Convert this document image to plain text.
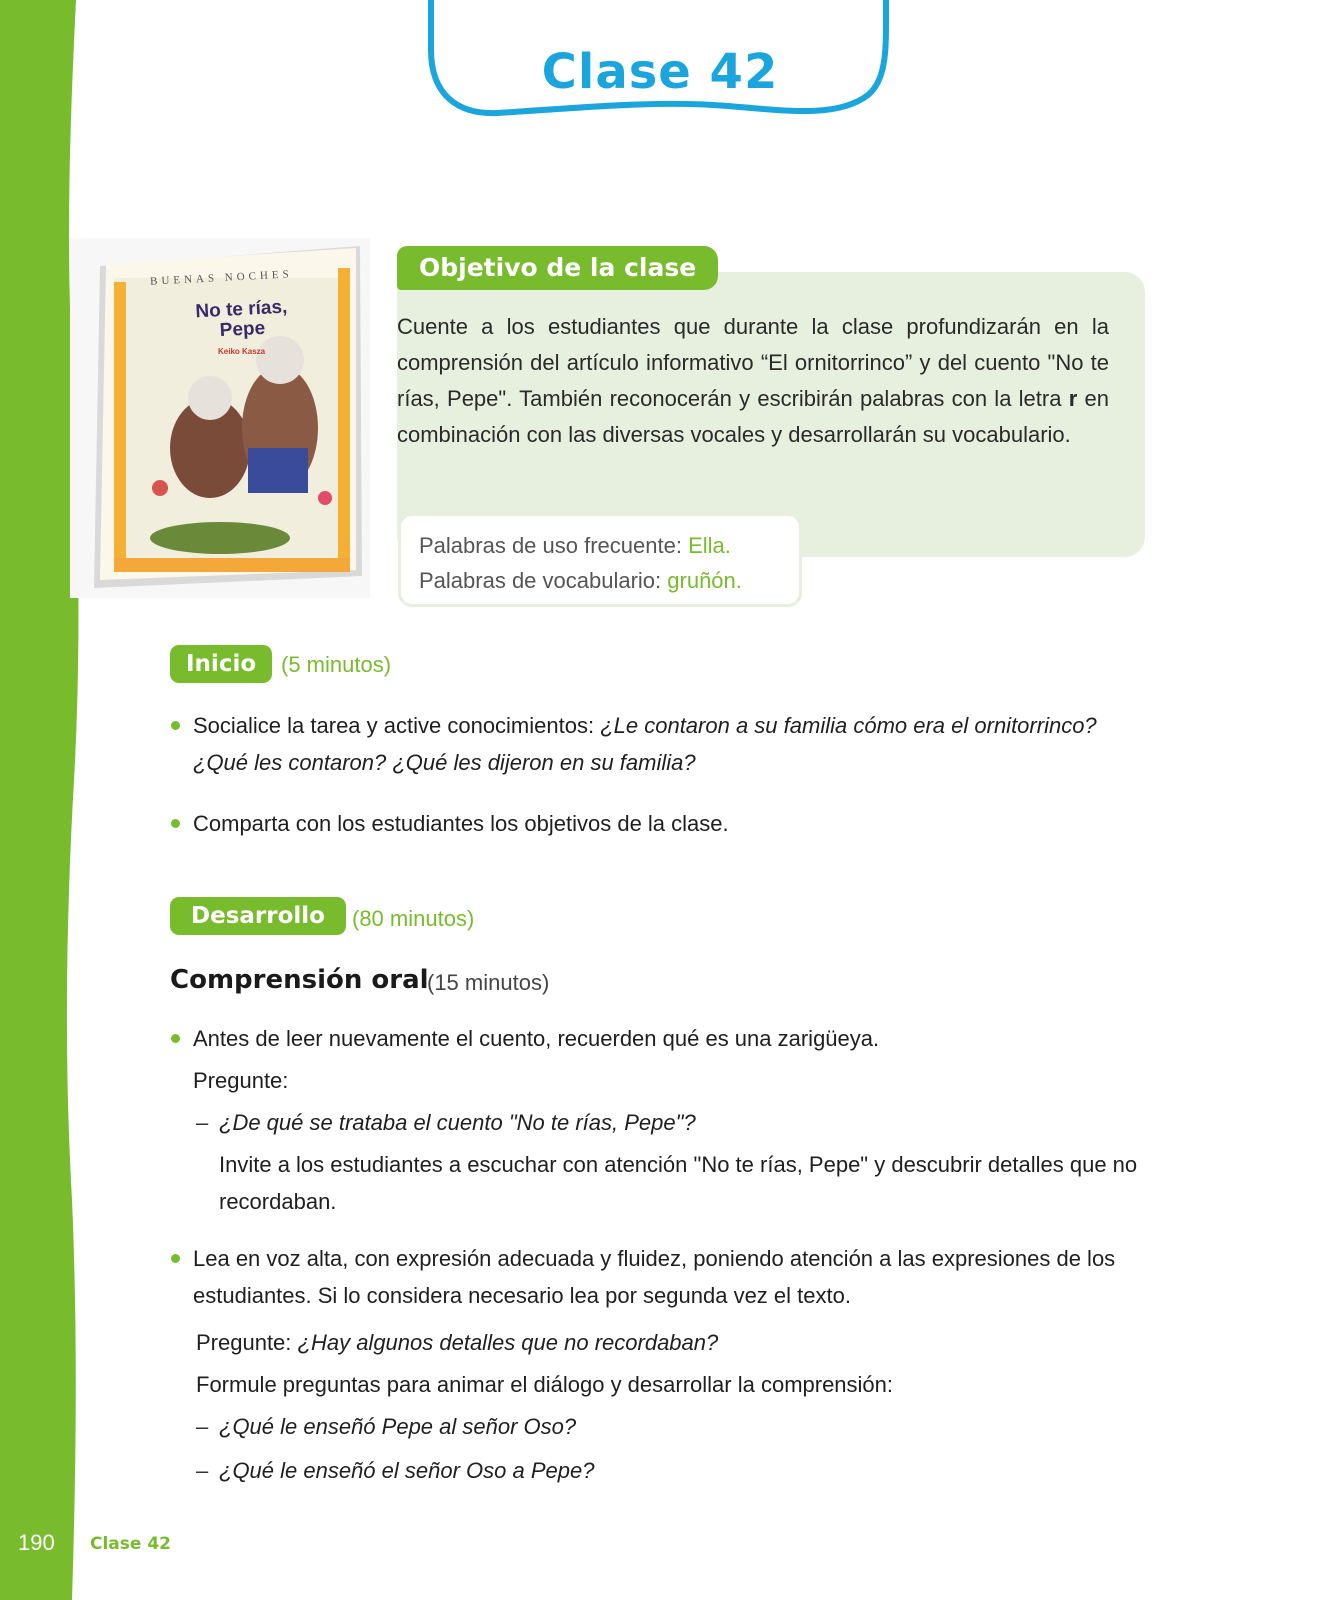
Clase 42
BUENAS NOCHES
No te rías,
Pepe
Keiko Kasza
Objetivo de la clase
Cuente a los estudiantes que durante la clase profundizarán en la comprensión del artículo informativo “El ornitorrinco” y del cuento "No te rías, Pepe". También reconocerán y escribirán palabras con la letra r en combinación con las diversas vocales y desarrollarán su vocabulario.
Palabras de uso frecuente: Ella.
Palabras de vocabulario: gruñón.
Inicio	(5 minutos)
Socialice la tarea y active conocimientos: ¿Le contaron a su familia cómo era el ornitorrinco?
¿Qué les contaron? ¿Qué les dijeron en su familia?
Comparta con los estudiantes los objetivos de la clase.
Desarrollo	(80 minutos)
Comprensión oral
(15 minutos)
Antes de leer nuevamente el cuento, recuerden qué es una zarigüeya.
Pregunte:
– ¿De qué se trataba el cuento "No te rías, Pepe"?
Invite a los estudiantes a escuchar con atención "No te rías, Pepe" y descubrir detalles que no recordaban.
Lea en voz alta, con expresión adecuada y fluidez, poniendo atención a las expresiones de los estudiantes. Si lo considera necesario lea por segunda vez el texto.
Pregunte: ¿Hay algunos detalles que no recordaban?
Formule preguntas para animar el diálogo y desarrollar la comprensión:
– ¿Qué le enseñó Pepe al señor Oso?
– ¿Qué le enseñó el señor Oso a Pepe?
190 Clase 42
